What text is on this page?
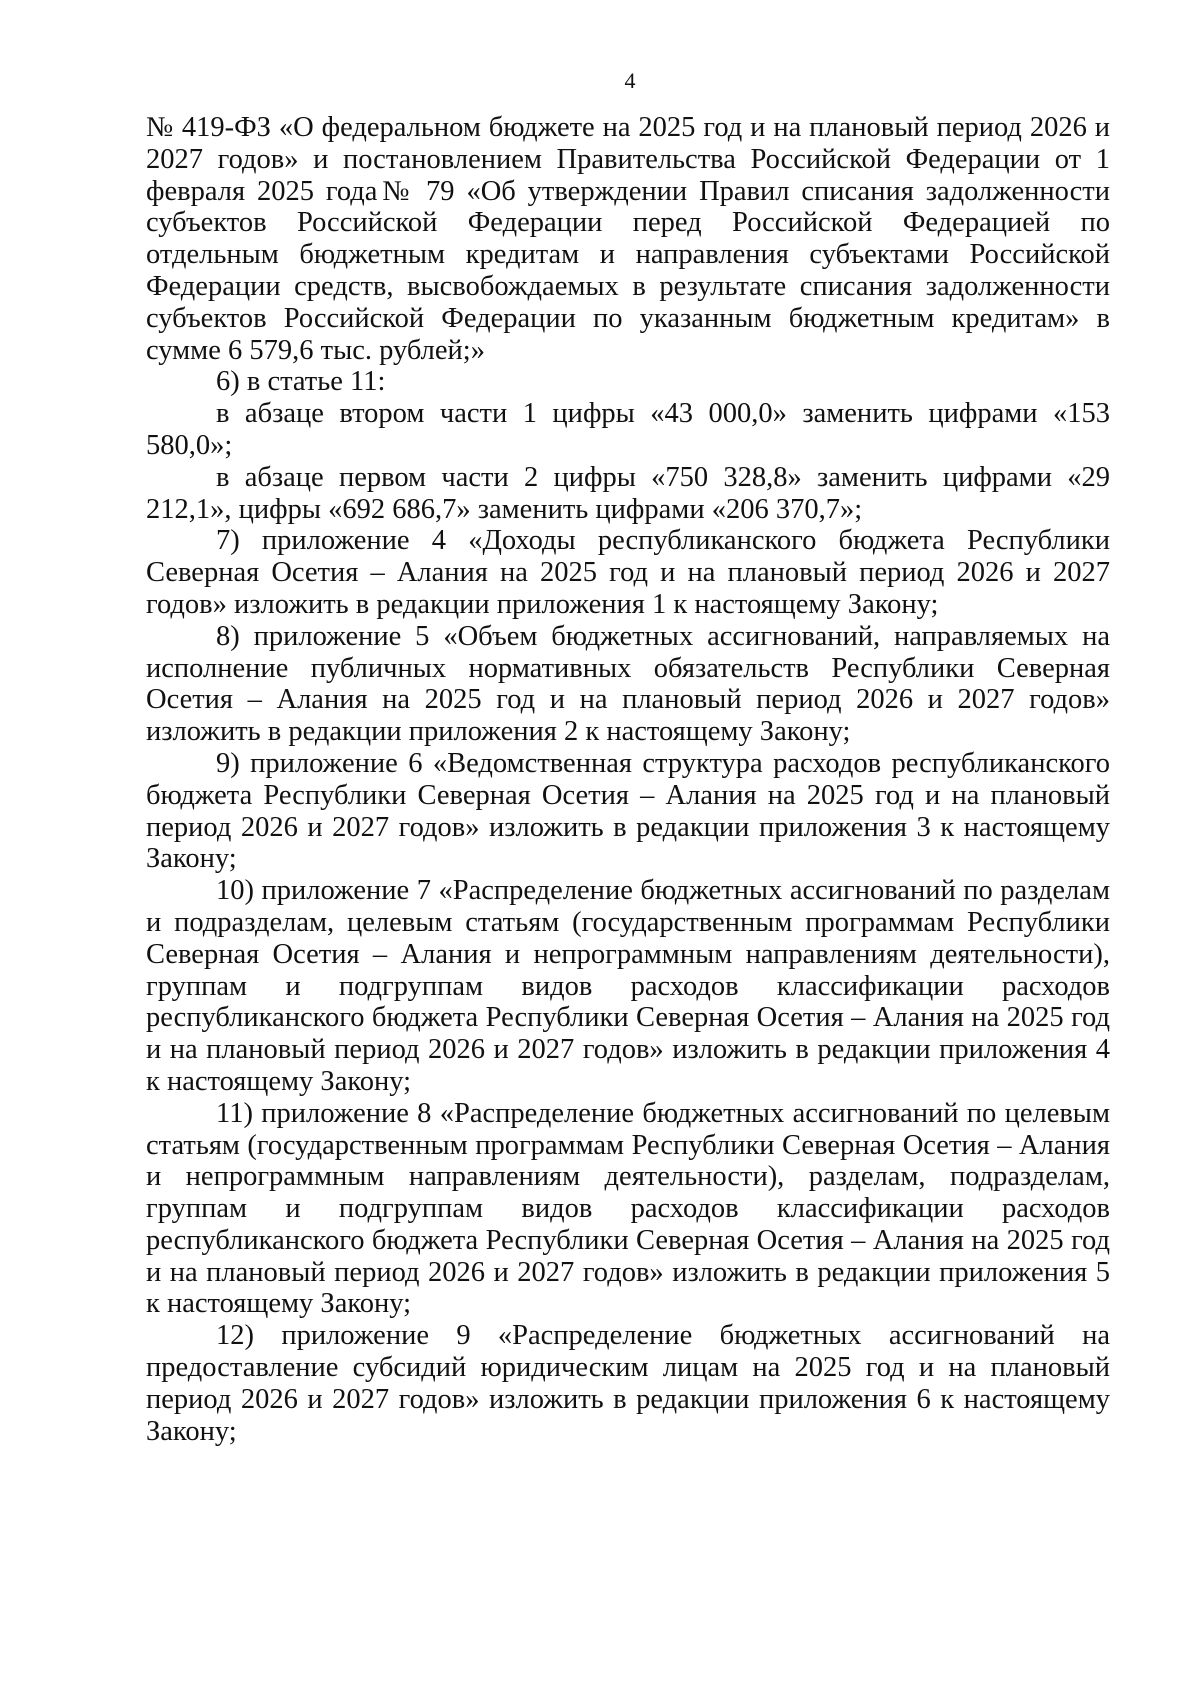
4

№ 419-ФЗ «О федеральном бюджете на 2025 год и на плановый период 2026 и 2027 годов» и постановлением Правительства Российской Федерации от 1 февраля 2025 года№ 79 «Об утверждении Правил списания задолженности субъектов Российской Федерации перед Российской Федерацией по отдельным бюджетным кредитам и направления субъектами Российской Федерации средств, высвобождаемых в результате списания задолженности субъектов Российской Федерации по указанным бюджетным кредитам» в сумме 6 579,6 тыс. рублей;»

6) в статье 11:

в абзаце втором части 1 цифры «43 000,0» заменить цифрами «153 580,0»;

в абзаце первом части 2 цифры «750 328,8» заменить цифрами «29 212,1», цифры «692 686,7» заменить цифрами «206 370,7»;

7) приложение 4 «Доходы республиканского бюджета Республики Северная Осетия – Алания на 2025 год и на плановый период 2026 и 2027 годов» изложить в редакции приложения 1 к настоящему Закону;

8) приложение 5 «Объем бюджетных ассигнований, направляемых на исполнение публичных нормативных обязательств Республики Северная Осетия – Алания на 2025 год и на плановый период 2026 и 2027 годов» изложить в редакции приложения 2 к настоящему Закону;

9) приложение 6 «Ведомственная структура расходов республиканского бюджета Республики Северная Осетия – Алания на 2025 год и на плановый период 2026 и 2027 годов» изложить в редакции приложения 3 к настоящему Закону;

10) приложение 7 «Распределение бюджетных ассигнований по разделам и подразделам, целевым статьям (государственным программам Республики Северная Осетия – Алания и непрограммным направлениям деятельности), группам и подгруппам видов расходов классификации расходов республиканского бюджета Республики Северная Осетия – Алания на 2025 год и на плановый период 2026 и 2027 годов» изложить в редакции приложения 4 к настоящему Закону;

11) приложение 8 «Распределение бюджетных ассигнований по целевым статьям (государственным программам Республики Северная Осетия – Алания и непрограммным направлениям деятельности), разделам, подразделам, группам и подгруппам видов расходов классификации расходов республиканского бюджета Республики Северная Осетия – Алания на 2025 год и на плановый период 2026 и 2027 годов» изложить в редакции приложения 5 к настоящему Закону;

12) приложение 9 «Распределение бюджетных ассигнований на предоставление субсидий юридическим лицам на 2025 год и на плановый период 2026 и 2027 годов» изложить в редакции приложения 6 к настоящему Закону;
